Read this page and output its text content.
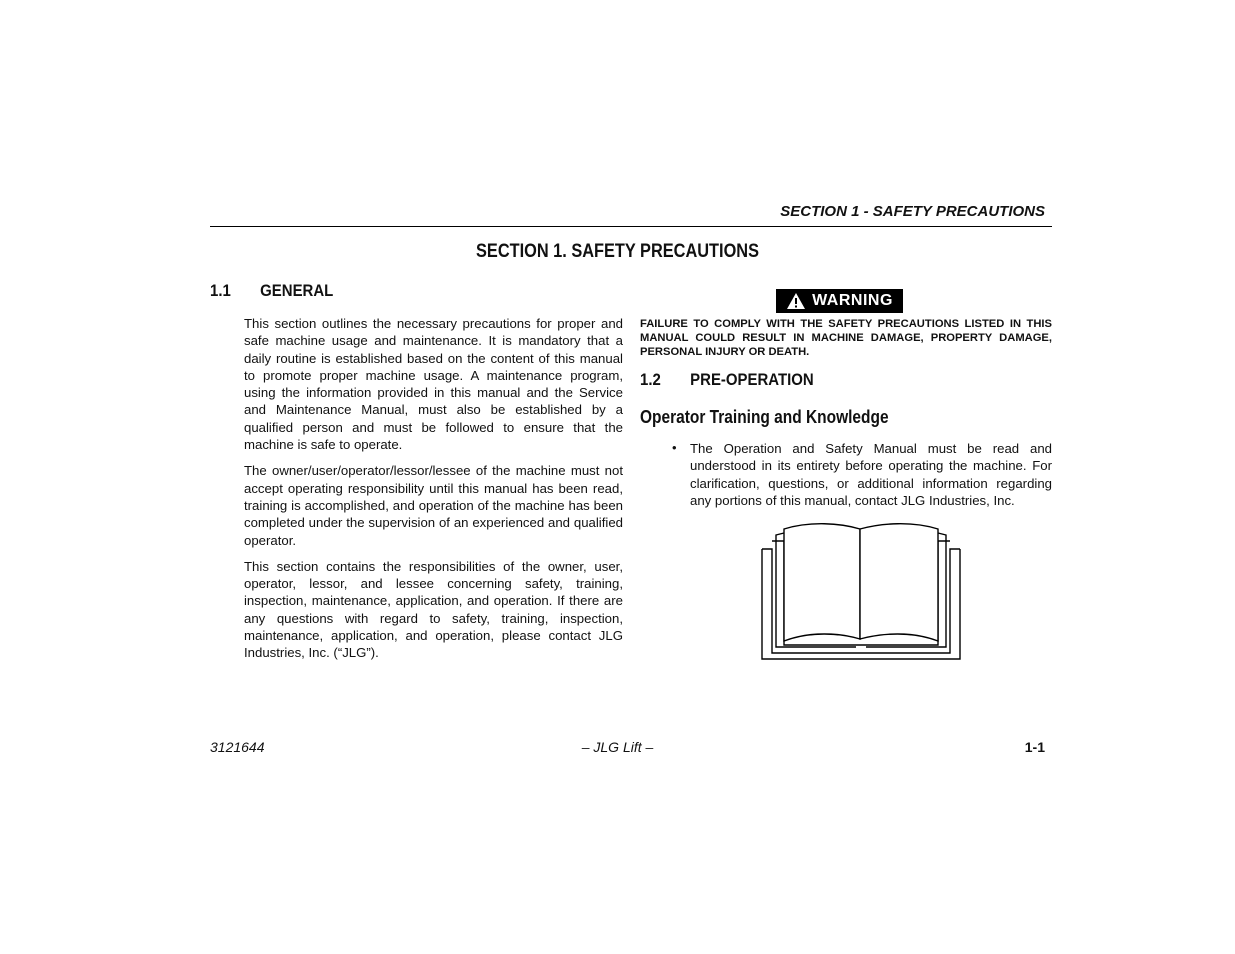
SECTION 1 - SAFETY PRECAUTIONS
SECTION 1. SAFETY PRECAUTIONS
1.1 GENERAL

This section outlines the necessary precautions for proper and safe machine usage and maintenance. It is mandatory that a daily routine is established based on the content of this manual to promote proper machine usage. A maintenance program, using the information provided in this manual and the Service and Maintenance Manual, must also be established by a qualified person and must be followed to ensure that the machine is safe to operate.

The owner/user/operator/lessor/lessee of the machine must not accept operating responsibility until this manual has been read, training is accomplished, and operation of the machine has been completed under the supervision of an experienced and qualified operator.

This section contains the responsibilities of the owner, user, operator, lessor, and lessee concerning safety, training, inspection, maintenance, application, and operation. If there are any questions with regard to safety, training, inspection, maintenance, application, and operation, please contact JLG Industries, Inc. (“JLG”).

WARNING
FAILURE TO COMPLY WITH THE SAFETY PRECAUTIONS LISTED IN THIS MANUAL COULD RESULT IN MACHINE DAMAGE, PROPERTY DAMAGE, PERSONAL INJURY OR DEATH.
1.2 PRE-OPERATION
Operator Training and Knowledge
• The Operation and Safety Manual must be read and understood in its entirety before operating the machine. For clarification, questions, or additional information regarding any portions of this manual, contact JLG Industries, Inc.

3121644	– JLG Lift –	1-1
